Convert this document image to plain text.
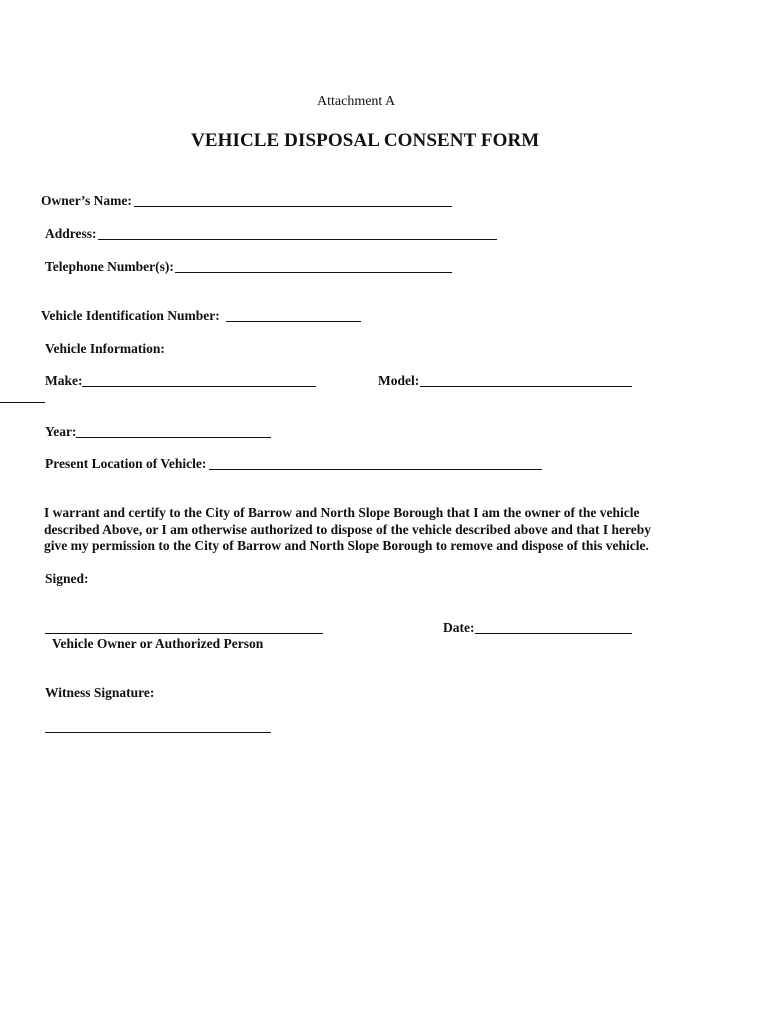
Attachment A
VEHICLE DISPOSAL CONSENT FORM
Owner’s Name:
Address:
Telephone Number(s):
Vehicle Identification Number:
Vehicle Information:
Make:	Model:
Year:
Present Location of Vehicle:
I warrant and certify to the City of Barrow and North Slope Borough that I am the owner of the vehicle
described Above, or I am otherwise authorized to dispose of the vehicle described above and that I hereby
give my permission to the City of Barrow and North Slope Borough to remove and dispose of this vehicle.
Signed:
Vehicle Owner or Authorized Person
Date:
Witness Signature:
